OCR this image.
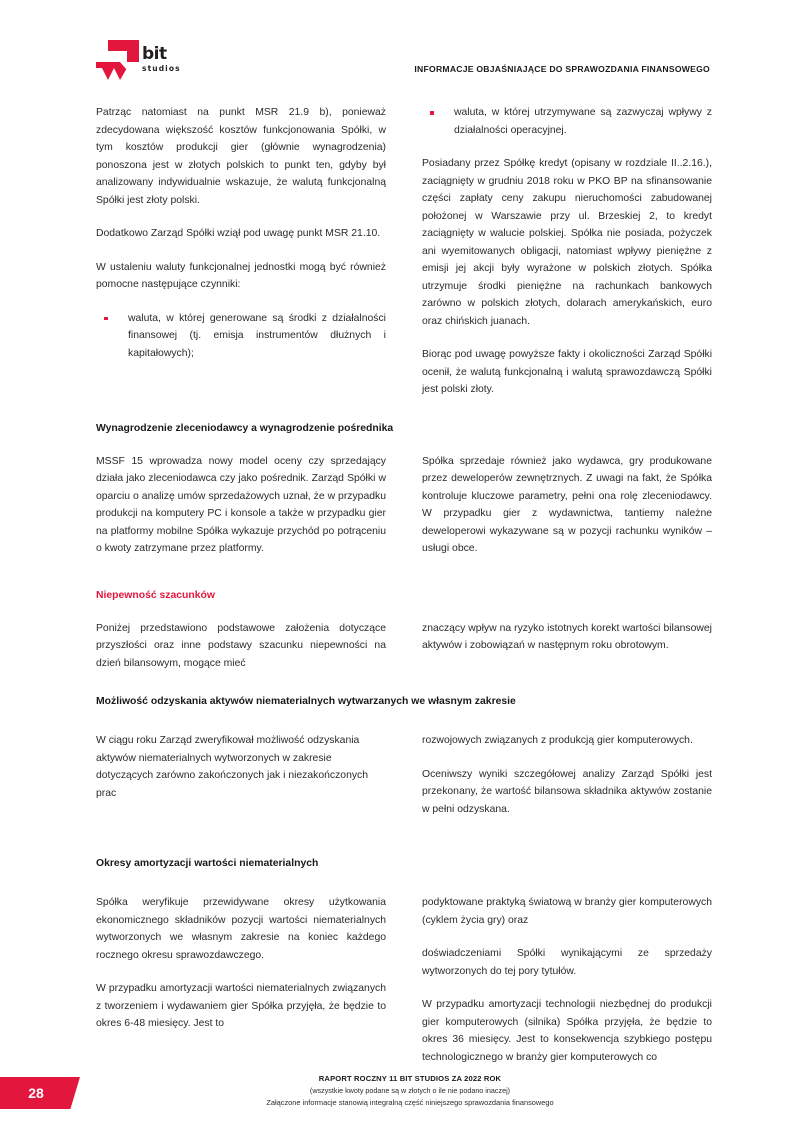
bit
studios	INFORMACJE OBJAŚNIAJĄCE DO SPRAWOZDANIA FINANSOWEGO

Patrząc natomiast na punkt MSR 21.9 b), ponieważ zdecydowana większość kosztów funkcjonowania Spółki, w tym kosztów produkcji gier (głównie wynagrodzenia) ponoszona jest w złotych polskich to punkt ten, gdyby był analizowany indywidualnie wskazuje, że walutą funkcjonalną Spółki jest złoty polski.

Dodatkowo Zarząd Spółki wziął pod uwagę punkt MSR 21.10.

W ustaleniu waluty funkcjonalnej jednostki mogą być również pomocne następujące czynniki:

waluta, w której generowane są środki z działalności finansowej (tj. emisja instrumentów dłużnych i kapitałowych);
waluta, w której utrzymywane są zazwyczaj wpływy z działalności operacyjnej.

Posiadany przez Spółkę kredyt (opisany w rozdziale II..2.16.), zaciągnięty w grudniu 2018 roku w PKO BP na sfinansowanie części zapłaty ceny zakupu nieruchomości zabudowanej położonej w Warszawie przy ul. Brzeskiej 2, to kredyt zaciągnięty w walucie polskiej. Spółka nie posiada, pożyczek ani wyemitowanych obligacji, natomiast wpływy pieniężne z emisji jej akcji były wyrażone w polskich złotych. Spółka utrzymuje środki pieniężne na rachunkach bankowych zarówno w polskich złotych, dolarach amerykańskich, euro oraz chińskich juanach.

Biorąc pod uwagę powyższe fakty i okoliczności Zarząd Spółki ocenił, że walutą funkcjonalną i walutą sprawozdawczą Spółki jest polski złoty.

Wynagrodzenie zleceniodawcy a wynagrodzenie pośrednika

MSSF 15 wprowadza nowy model oceny czy sprzedający działa jako zleceniodawca czy jako pośrednik. Zarząd Spółki w oparciu o analizę umów sprzedażowych uznał, że w przypadku produkcji na komputery PC i konsole a także w przypadku gier na platformy mobilne Spółka wykazuje przychód po potrąceniu o kwoty zatrzymane przez platformy.

Spółka sprzedaje również jako wydawca, gry produkowane przez deweloperów zewnętrznych. Z uwagi na fakt, że Spółka kontroluje kluczowe parametry, pełni ona rolę zleceniodawcy. W przypadku gier z wydawnictwa, tantiemy należne deweloperowi wykazywane są w pozycji rachunku wyników – usługi obce.

Niepewność szacunków

Poniżej przedstawiono podstawowe założenia dotyczące przyszłości oraz inne podstawy szacunku niepewności na dzień bilansowym, mogące mieć

znaczący wpływ na ryzyko istotnych korekt wartości bilansowej aktywów i zobowiązań w następnym roku obrotowym.

Możliwość odzyskania aktywów niematerialnych wytwarzanych we własnym zakresie

W ciągu roku Zarząd zweryfikował możliwość odzyskania aktywów niematerialnych wytworzonych w zakresie dotyczących zarówno zakończonych jak i niezakończonych prac

rozwojowych związanych z produkcją gier komputerowych.

Oceniwszy wyniki szczegółowej analizy Zarząd Spółki jest przekonany, że wartość bilansowa składnika aktywów zostanie w pełni odzyskana.

Okresy amortyzacji wartości niematerialnych

Spółka weryfikuje przewidywane okresy użytkowania ekonomicznego składników pozycji wartości niematerialnych wytworzonych we własnym zakresie na koniec każdego rocznego okresu sprawozdawczego.

W przypadku amortyzacji wartości niematerialnych związanych z tworzeniem i wydawaniem gier Spółka przyjęła, że będzie to okres 6-48 miesięcy. Jest to

podyktowane praktyką światową w branży gier komputerowych (cyklem życia gry) oraz

doświadczeniami Spółki wynikającymi ze sprzedaży wytworzonych do tej pory tytułów.

W przypadku amortyzacji technologii niezbędnej do produkcji gier komputerowych (silnika) Spółka przyjęła, że będzie to okres 36 miesięcy. Jest to konsekwencja szybkiego postępu technologicznego w branży gier komputerowych co

28
RAPORT ROCZNY 11 BIT STUDIOS ZA 2022 ROK
(wszystkie kwoty podane są w złotych o ile nie podano inaczej)
Załączone informacje stanowią integralną część niniejszego sprawozdania finansowego
